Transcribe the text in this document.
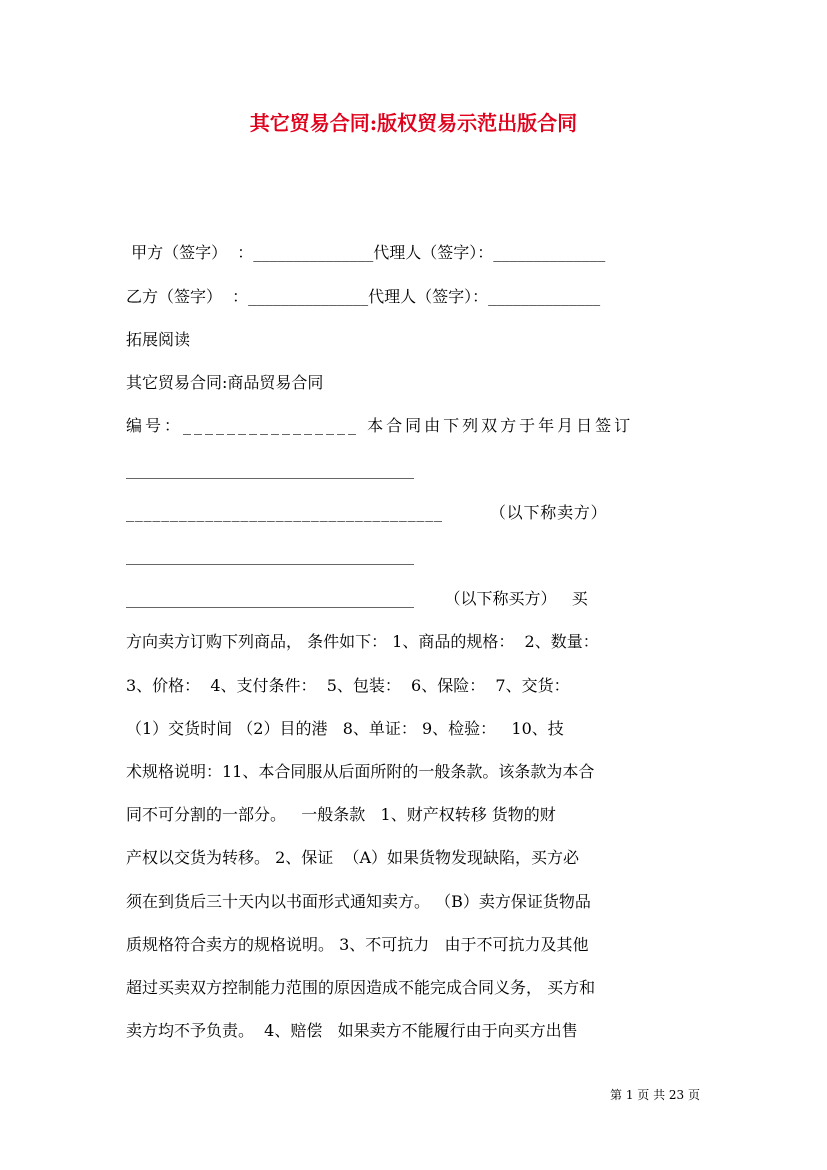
其它贸易合同:版权贸易示范出版合同
甲方（签字）  ：_______________代理人（签字）：______________
乙方（签字）  ：_______________代理人（签字）：______________
拓展阅读
其它贸易合同:商品贸易合同
编号：________________ 本合同由下列双方于年月日签订
____________________________________
____________________________________        （以下称卖方）
____________________________________
____________________________________      （以下称买方）   买
方向卖方订购下列商品， 条件如下： 1、商品的规格：  2、数量：
3、价格：  4、支付条件：  5、包装：  6、保险：  7、交货：
（1）交货时间 （2）目的港   8、单证： 9、检验：   10、技
术规格说明：11、本合同服从后面所附的一般条款。该条款为本合
同不可分割的一部分。   一般条款   1、财产权转移 货物的财
产权以交货为转移。 2、保证  （A）如果货物发现缺陷，买方必
须在到货后三十天内以书面形式通知卖方。 （B）卖方保证货物品
质规格符合卖方的规格说明。 3、不可抗力   由于不可抗力及其他
超过买卖双方控制能力范围的原因造成不能完成合同义务， 买方和
卖方均不予负责。  4、赔偿   如果卖方不能履行由于向买方出售
第 1 页 共 23 页
